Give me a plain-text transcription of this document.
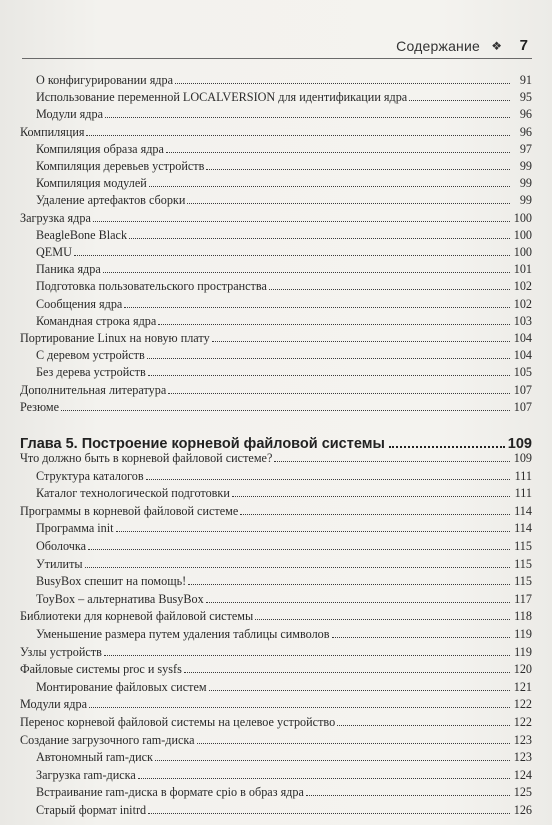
Содержание ❖ 7
О конфигурировании ядра	91
Использование переменной LOCALVERSION для идентификации ядра	95
Модули ядра	96
Компиляция	96
Компиляция образа ядра	97
Компиляция деревьев устройств	99
Компиляция модулей	99
Удаление артефактов сборки	99
Загрузка ядра	100
BeagleBone Black	100
QEMU	100
Паника ядра	101
Подготовка пользовательского пространства	102
Сообщения ядра	102
Командная строка ядра	103
Портирование Linux на новую плату	104
С деревом устройств	104
Без дерева устройств	105
Дополнительная литература	107
Резюме	107
Глава 5. Построение корневой файловой системы	109
Что должно быть в корневой файловой системе?	109
Структура каталогов	111
Каталог технологической подготовки	111
Программы в корневой файловой системе	114
Программа init	114
Оболочка	115
Утилиты	115
BusyBox спешит на помощь!	115
ToyBox – альтернатива BusyBox	117
Библиотеки для корневой файловой системы	118
Уменьшение размера путем удаления таблицы символов	119
Узлы устройств	119
Файловые системы proc и sysfs	120
Монтирование файловых систем	121
Модули ядра	122
Перенос корневой файловой системы на целевое устройство	122
Создание загрузочного ram-диска	123
Автономный ram-диск	123
Загрузка ram-диска	124
Встраивание ram-диска в формате cpio в образ ядра	125
Старый формат initrd	126
